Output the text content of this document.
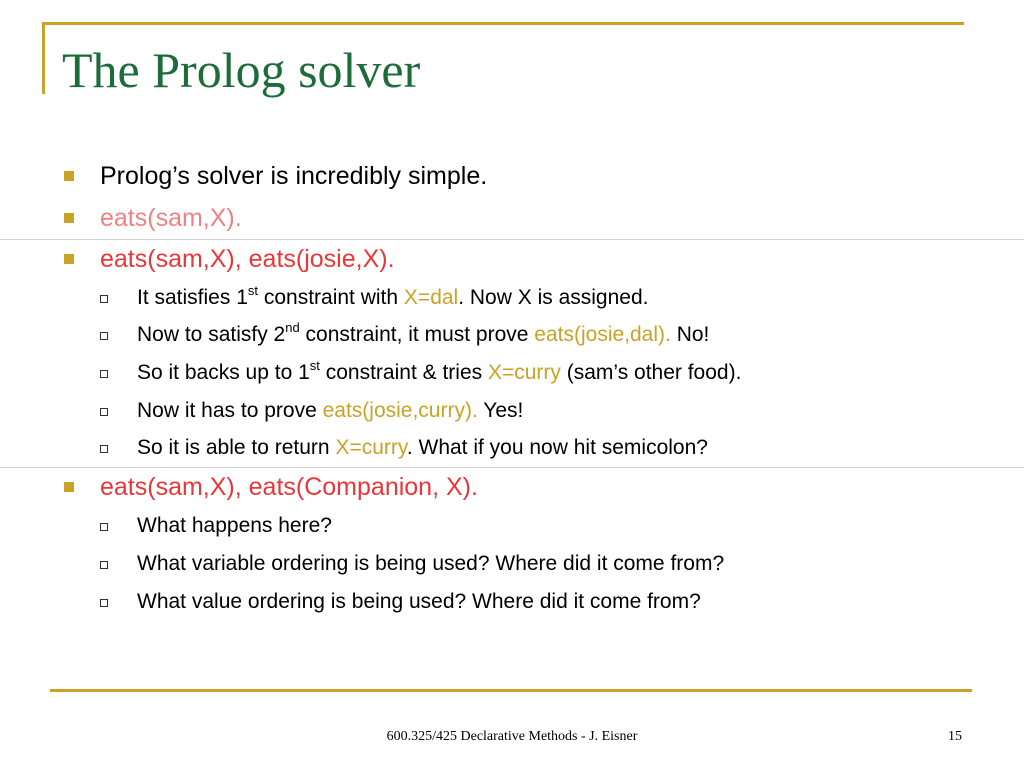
The Prolog solver
Prolog’s solver is incredibly simple.
eats(sam,X).
eats(sam,X), eats(josie,X).
It satisfies 1st constraint with X=dal. Now X is assigned.
Now to satisfy 2nd constraint, it must prove eats(josie,dal). No!
So it backs up to 1st constraint & tries X=curry (sam’s other food).
Now it has to prove eats(josie,curry). Yes!
So it is able to return X=curry. What if you now hit semicolon?
eats(sam,X), eats(Companion, X).
What happens here?
What variable ordering is being used? Where did it come from?
What value ordering is being used? Where did it come from?
600.325/425 Declarative Methods - J. Eisner	15
